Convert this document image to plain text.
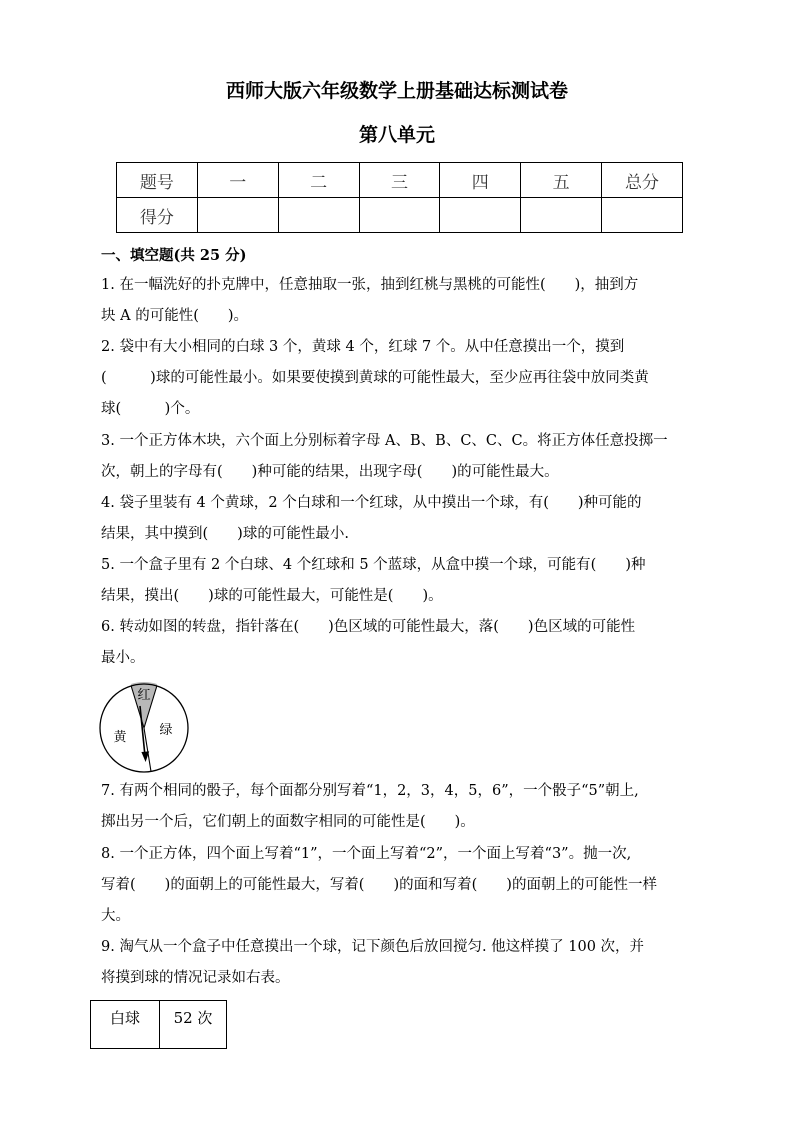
西师大版六年级数学上册基础达标测试卷
第八单元
题号	一	二	三	四	五	总分
得分						
一、填空题(共 25 分)
1. 在一幅洗好的扑克牌中，任意抽取一张，抽到红桃与黑桃的可能性(　　)，抽到方
块 A 的可能性(　　)。
2. 袋中有大小相同的白球 3 个，黄球 4 个，红球 7 个。从中任意摸出一个，摸到
(　　　)球的可能性最小。如果要使摸到黄球的可能性最大，至少应再往袋中放同类黄
球(　　　)个。
3. 一个正方体木块，六个面上分别标着字母 A、B、B、C、C、C。将正方体任意投掷一
次，朝上的字母有(　　)种可能的结果，出现字母(　　)的可能性最大。
4. 袋子里装有 4 个黄球，2 个白球和一个红球，从中摸出一个球，有(　　)种可能的
结果，其中摸到(　　)球的可能性最小.
5. 一个盒子里有 2 个白球、4 个红球和 5 个蓝球，从盒中摸一个球，可能有(　　)种
结果，摸出(　　)球的可能性最大，可能性是(　　)。
6. 转动如图的转盘，指针落在(　　)色区域的可能性最大，落(　　)色区域的可能性
最小。
红
黄	绿
7. 有两个相同的骰子，每个面都分别写着“1，2，3，4，5，6”，一个骰子“5”朝上,
掷出另一个后，它们朝上的面数字相同的可能性是(　　)。
8. 一个正方体，四个面上写着“1”，一个面上写着“2”，一个面上写着“3”。抛一次,
写着(　　)的面朝上的可能性最大，写着(　　)的面和写着(　　)的面朝上的可能性一样
大。
9. 淘气从一个盒子中任意摸出一个球，记下颜色后放回搅匀. 他这样摸了 100 次，并
将摸到球的情况记录如右表。
白球	52 次
